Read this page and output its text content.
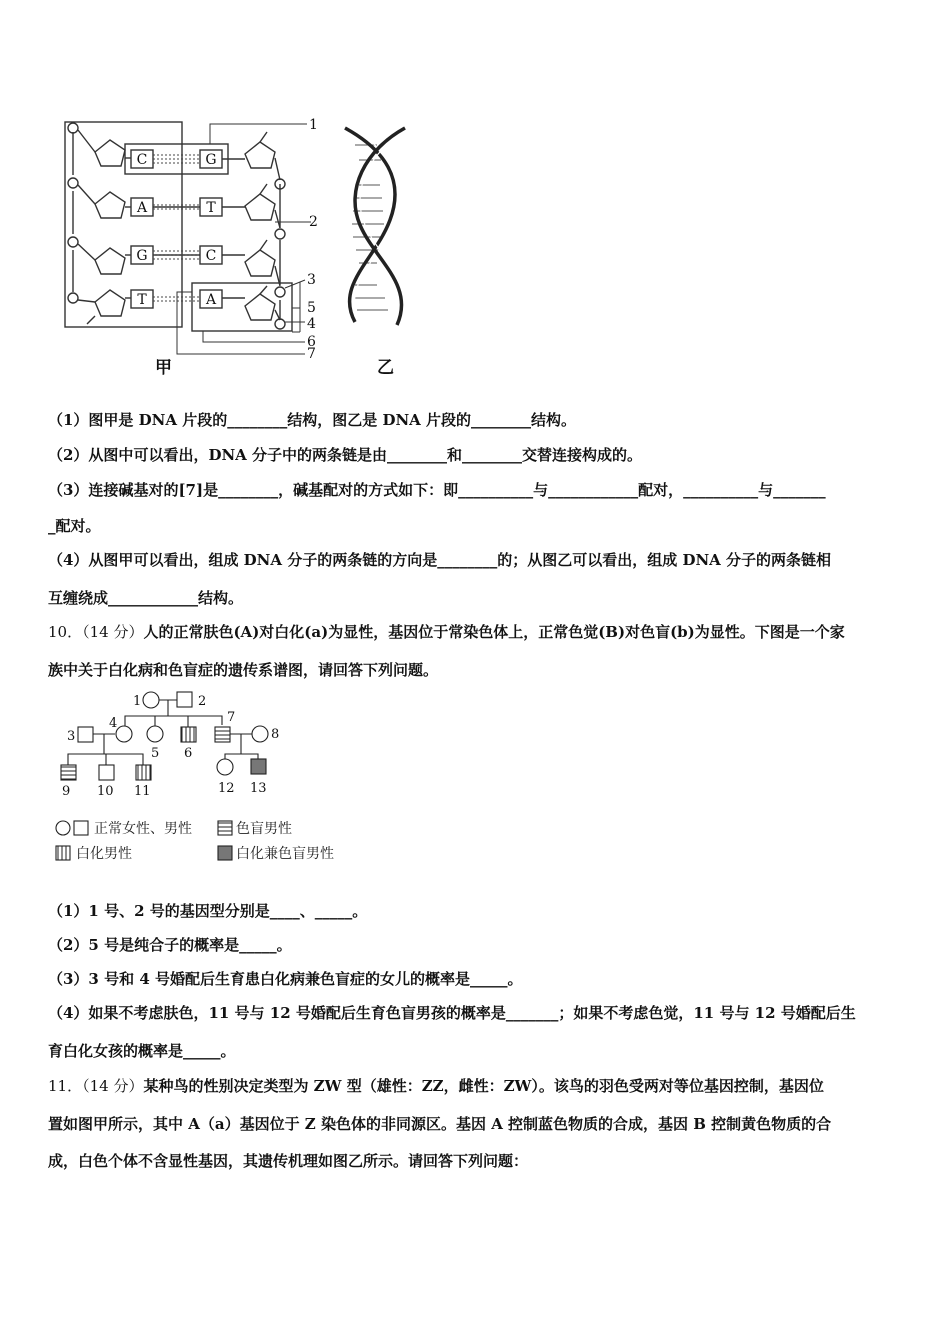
C
A
G
T
G
T
C
A
1
2
3
5
4
6
7
甲	乙
（1）图甲是 DNA 片段的________结构，图乙是 DNA 片段的________结构。
（2）从图中可以看出，DNA 分子中的两条链是由________和________交替连接构成的。
（3）连接碱基对的[7]是________，碱基配对的方式如下：即__________与____________配对，__________与_______
_配对。
（4）从图甲可以看出，组成 DNA 分子的两条链的方向是________的；从图乙可以看出，组成 DNA 分子的两条链相
互缠绕成____________结构。
10．（14 分）人的正常肤色(A)对白化(a)为显性，基因位于常染色体上，正常色觉(B)对色盲(b)为显性。下图是一个家
族中关于白化病和色盲症的遗传系谱图，请回答下列问题。
1	2
3
4
5 6
7
8
9 10 11	12 13
正常女性、男性	色盲男性
白化男性	白化兼色盲男性
（1）1 号、2 号的基因型分别是____、_____。
（2）5 号是纯合子的概率是_____。
（3）3 号和 4 号婚配后生育患白化病兼色盲症的女儿的概率是_____。
（4）如果不考虑肤色，11 号与 12 号婚配后生育色盲男孩的概率是_______；如果不考虑色觉，11 号与 12 号婚配后生
育白化女孩的概率是_____。
11．（14 分）某种鸟的性别决定类型为 ZW 型（雄性：ZZ，雌性：ZW）。该鸟的羽色受两对等位基因控制，基因位
置如图甲所示，其中 A（a）基因位于 Z 染色体的非同源区。基因 A 控制蓝色物质的合成，基因 B 控制黄色物质的合
成，白色个体不含显性基因，其遗传机理如图乙所示。请回答下列问题：
